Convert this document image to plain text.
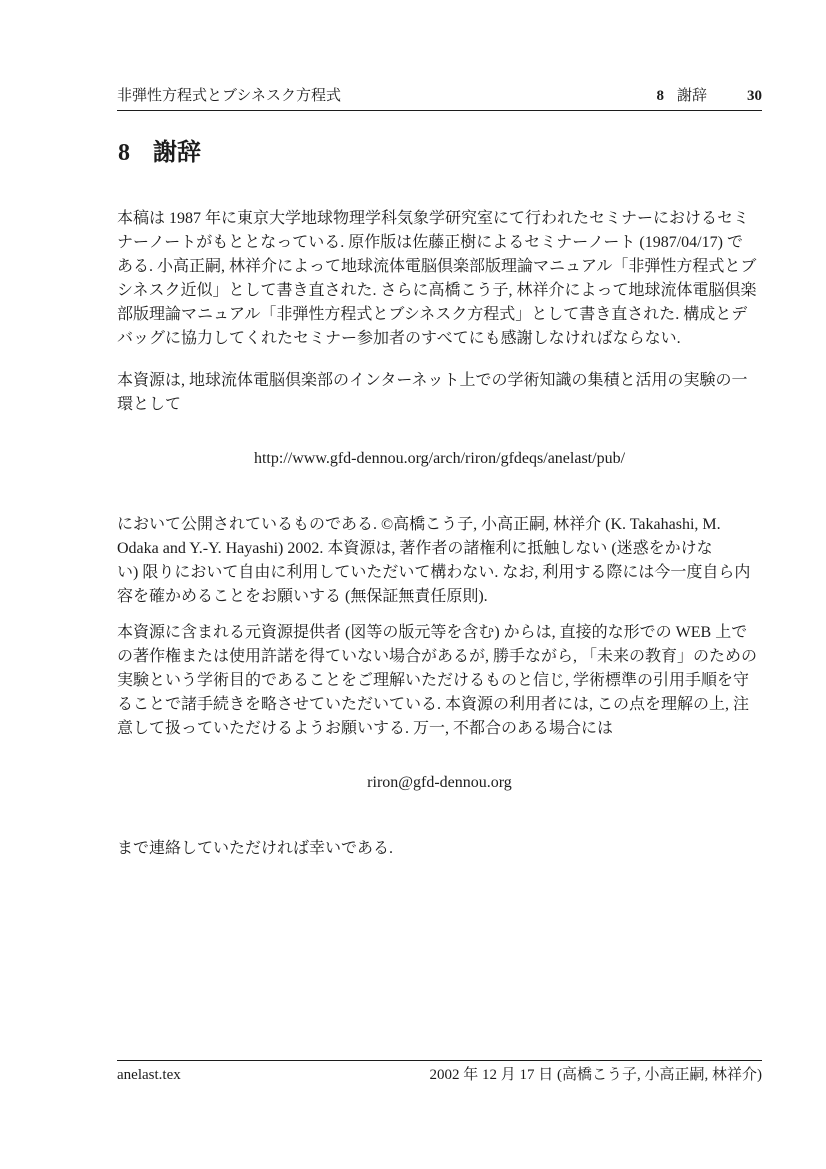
非弾性方程式とブシネスク方程式	8 謝辞	30
8 謝辞
本稿は 1987 年に東京大学地球物理学科気象学研究室にて行われたセミナーにおけるセミ
ナーノートがもととなっている. 原作版は佐藤正樹によるセミナーノート (1987/04/17) で
ある. 小高正嗣, 林祥介によって地球流体電脳倶楽部版理論マニュアル「非弾性方程式とブ
シネスク近似」として書き直された. さらに高橋こう子, 林祥介によって地球流体電脳倶楽
部版理論マニュアル「非弾性方程式とブシネスク方程式」として書き直された. 構成とデ
バッグに協力してくれたセミナー参加者のすべてにも感謝しなければならない.
本資源は, 地球流体電脳倶楽部のインターネット上での学術知識の集積と活用の実験の一
環として
http://www.gfd-dennou.org/arch/riron/gfdeqs/anelast/pub/
において公開されているものである. ©高橋こう子, 小高正嗣, 林祥介 (K. Takahashi, M.
Odaka and Y.-Y. Hayashi) 2002. 本資源は, 著作者の諸権利に抵触しない (迷惑をかけな
い) 限りにおいて自由に利用していただいて構わない. なお, 利用する際には今一度自ら内
容を確かめることをお願いする (無保証無責任原則).
本資源に含まれる元資源提供者 (図等の版元等を含む) からは, 直接的な形での WEB 上で
の著作権または使用許諾を得ていない場合があるが, 勝手ながら, 「未来の教育」のための
実験という学術目的であることをご理解いただけるものと信じ, 学術標準の引用手順を守
ることで諸手続きを略させていただいている. 本資源の利用者には, この点を理解の上, 注
意して扱っていただけるようお願いする. 万一, 不都合のある場合には
riron@gfd-dennou.org
まで連絡していただければ幸いである.
anelast.tex	2002 年 12 月 17 日 (高橋こう子, 小高正嗣, 林祥介)
